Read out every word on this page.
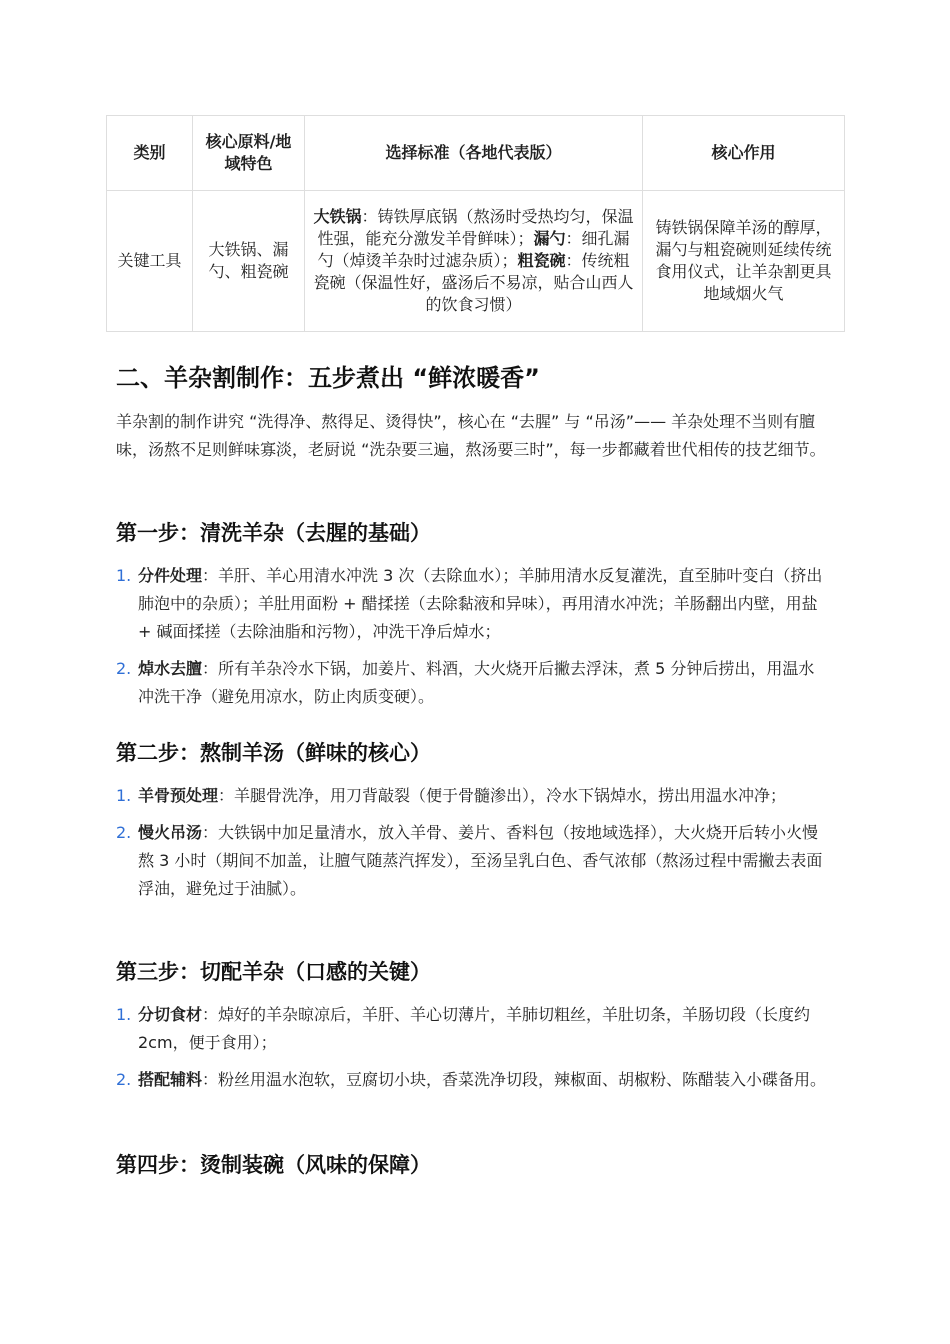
类别	核心原料/地域特色	选择标准（各地代表版）	核心作用
关键工具	大铁锅、漏勺、粗瓷碗	大铁锅：铸铁厚底锅（熬汤时受热均匀，保温性强，能充分激发羊骨鲜味）；漏勺：细孔漏勺（焯烫羊杂时过滤杂质）；粗瓷碗：传统粗瓷碗（保温性好，盛汤后不易凉，贴合山西人的饮食习惯）	铸铁锅保障羊汤的醇厚，漏勺与粗瓷碗则延续传统食用仪式，让羊杂割更具地域烟火气
二、羊杂割制作：五步煮出 “鲜浓暖香”

羊杂割的制作讲究 “洗得净、熬得足、烫得快”，核心在 “去腥” 与 “吊汤”—— 羊杂处理不当则有膻味，汤熬不足则鲜味寡淡，老厨说 “洗杂要三遍，熬汤要三时”，每一步都藏着世代相传的技艺细节。

第一步：清洗羊杂（去腥的基础）
1. 分件处理：羊肝、羊心用清水冲洗 3 次（去除血水）；羊肺用清水反复灌洗，直至肺叶变白（挤出肺泡中的杂质）；羊肚用面粉 + 醋揉搓（去除黏液和异味），再用清水冲洗；羊肠翻出内壁，用盐 + 碱面揉搓（去除油脂和污物），冲洗干净后焯水；
2. 焯水去膻：所有羊杂冷水下锅，加姜片、料酒，大火烧开后撇去浮沫，煮 5 分钟后捞出，用温水冲洗干净（避免用凉水，防止肉质变硬）。
第二步：熬制羊汤（鲜味的核心）
1. 羊骨预处理：羊腿骨洗净，用刀背敲裂（便于骨髓渗出），冷水下锅焯水，捞出用温水冲净；
2. 慢火吊汤：大铁锅中加足量清水，放入羊骨、姜片、香料包（按地域选择），大火烧开后转小火慢熬 3 小时（期间不加盖，让膻气随蒸汽挥发），至汤呈乳白色、香气浓郁（熬汤过程中需撇去表面浮油，避免过于油腻）。
第三步：切配羊杂（口感的关键）
1. 分切食材：焯好的羊杂晾凉后，羊肝、羊心切薄片，羊肺切粗丝，羊肚切条，羊肠切段（长度约 2cm，便于食用）；
2. 搭配辅料：粉丝用温水泡软，豆腐切小块，香菜洗净切段，辣椒面、胡椒粉、陈醋装入小碟备用。
第四步：烫制装碗（风味的保障）
